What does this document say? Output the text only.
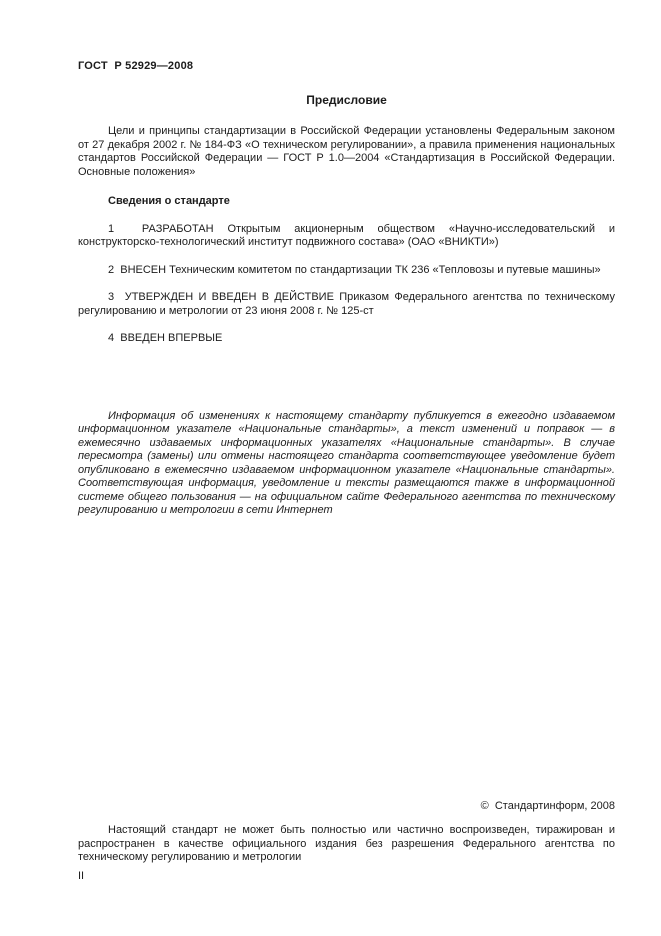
ГОСТ  Р 52929—2008
Предисловие
Цели и принципы стандартизации в Российской Федерации установлены Федеральным законом от 27 декабря 2002 г. № 184-ФЗ «О техническом регулировании», а правила применения национальных стандартов Российской Федерации — ГОСТ Р 1.0—2004 «Стандартизация в Российской Федерации. Основные положения»
Сведения о стандарте
1  РАЗРАБОТАН Открытым акционерным обществом «Научно-исследовательский и конструкторско-технологический институт подвижного состава» (ОАО «ВНИКТИ»)
2  ВНЕСЕН Техническим комитетом по стандартизации ТК 236 «Тепловозы и путевые машины»
3  УТВЕРЖДЕН И ВВЕДЕН В ДЕЙСТВИЕ Приказом Федерального агентства по техническому регулированию и метрологии от 23 июня 2008 г. № 125-ст
4  ВВЕДЕН ВПЕРВЫЕ
Информация об изменениях к настоящему стандарту публикуется в ежегодно издаваемом информационном указателе «Национальные стандарты», а текст изменений и поправок — в ежемесячно издаваемых информационных указателях «Национальные стандарты». В случае пересмотра (замены) или отмены настоящего стандарта соответствующее уведомление будет опубликовано в ежемесячно издаваемом информационном указателе «Национальные стандарты». Соответствующая информация, уведомление и тексты размещаются также в информационной системе общего пользования — на официальном сайте Федерального агентства по техническому регулированию и метрологии в сети Интернет
©  Стандартинформ, 2008
Настоящий стандарт не может быть полностью или частично воспроизведен, тиражирован и распространен в качестве официального издания без разрешения Федерального агентства по техническому регулированию и метрологии
II
